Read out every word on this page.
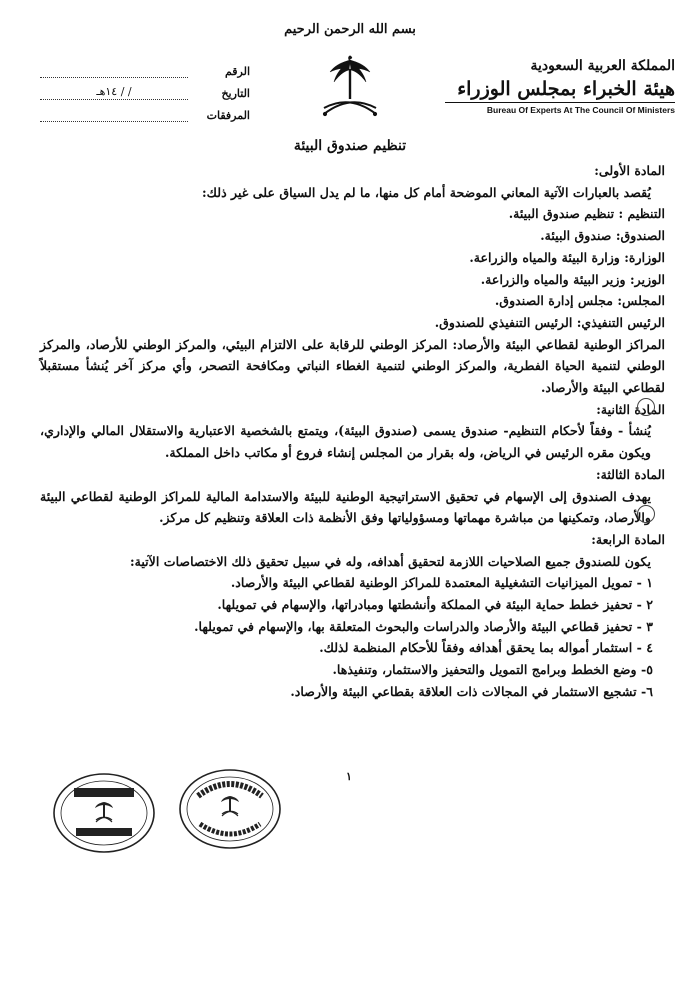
بسم الله الرحمن الرحيم
المملكة العربية السعودية
هيئة الخبراء بمجلس الوزراء
Bureau Of Experts At The Council Of Ministers
الرقم
التاريخ
/ / ١٤هـ
المرفقات
تنظيم صندوق البيئة

المادة الأولى:

يُقصد بالعبارات الآتية المعاني الموضحة أمام كل منها، ما لم يدل السياق على غير ذلك:

التنظيم : تنظيم صندوق البيئة.

الصندوق: صندوق البيئة.

الوزارة: وزارة البيئة والمياه والزراعة.

الوزير: وزير البيئة والمياه والزراعة.

المجلس: مجلس إدارة الصندوق.

الرئيس التنفيذي: الرئيس التنفيذي للصندوق.

المراكز الوطنية لقطاعي البيئة والأرصاد: المركز الوطني للرقابة على الالتزام البيئي، والمركز الوطني للأرصاد، والمركز الوطني لتنمية الحياة الفطرية، والمركز الوطني لتنمية الغطاء النباتي ومكافحة التصحر، وأي مركز آخر يُنشأ مستقبلاً لقطاعي البيئة والأرصاد.

المادة الثانية:

يُنشأ - وفقاً لأحكام التنظيم- صندوق يسمى (صندوق البيئة)، ويتمتع بالشخصية الاعتبارية والاستقلال المالي والإداري، ويكون مقره الرئيس في الرياض، وله بقرار من المجلس إنشاء فروع أو مكاتب داخل المملكة.

المادة الثالثة:

يهدف الصندوق إلى الإسهام في تحقيق الاستراتيجية الوطنية للبيئة والاستدامة المالية للمراكز الوطنية لقطاعي البيئة والأرصاد، وتمكينها من مباشرة مهماتها ومسؤولياتها وفق الأنظمة ذات العلاقة وتنظيم كل مركز.

المادة الرابعة:

يكون للصندوق جميع الصلاحيات اللازمة لتحقيق أهدافه، وله في سبيل تحقيق ذلك الاختصاصات الآتية:

١ - تمويل الميزانيات التشغيلية المعتمدة للمراكز الوطنية لقطاعي البيئة والأرصاد.

٢ - تحفيز خطط حماية البيئة في المملكة وأنشطتها ومبادراتها، والإسهام في تمويلها.

٣ - تحفيز قطاعي البيئة والأرصاد والدراسات والبحوث المتعلقة بها، والإسهام في تمويلها.

٤ - استثمار أمواله بما يحقق أهدافه وفقاً للأحكام المنظمة لذلك.

٥- وضع الخطط وبرامج التمويل والتحفيز والاستثمار، وتنفيذها.

٦- تشجيع الاستثمار في المجالات ذات العلاقة بقطاعي البيئة والأرصاد.

١
